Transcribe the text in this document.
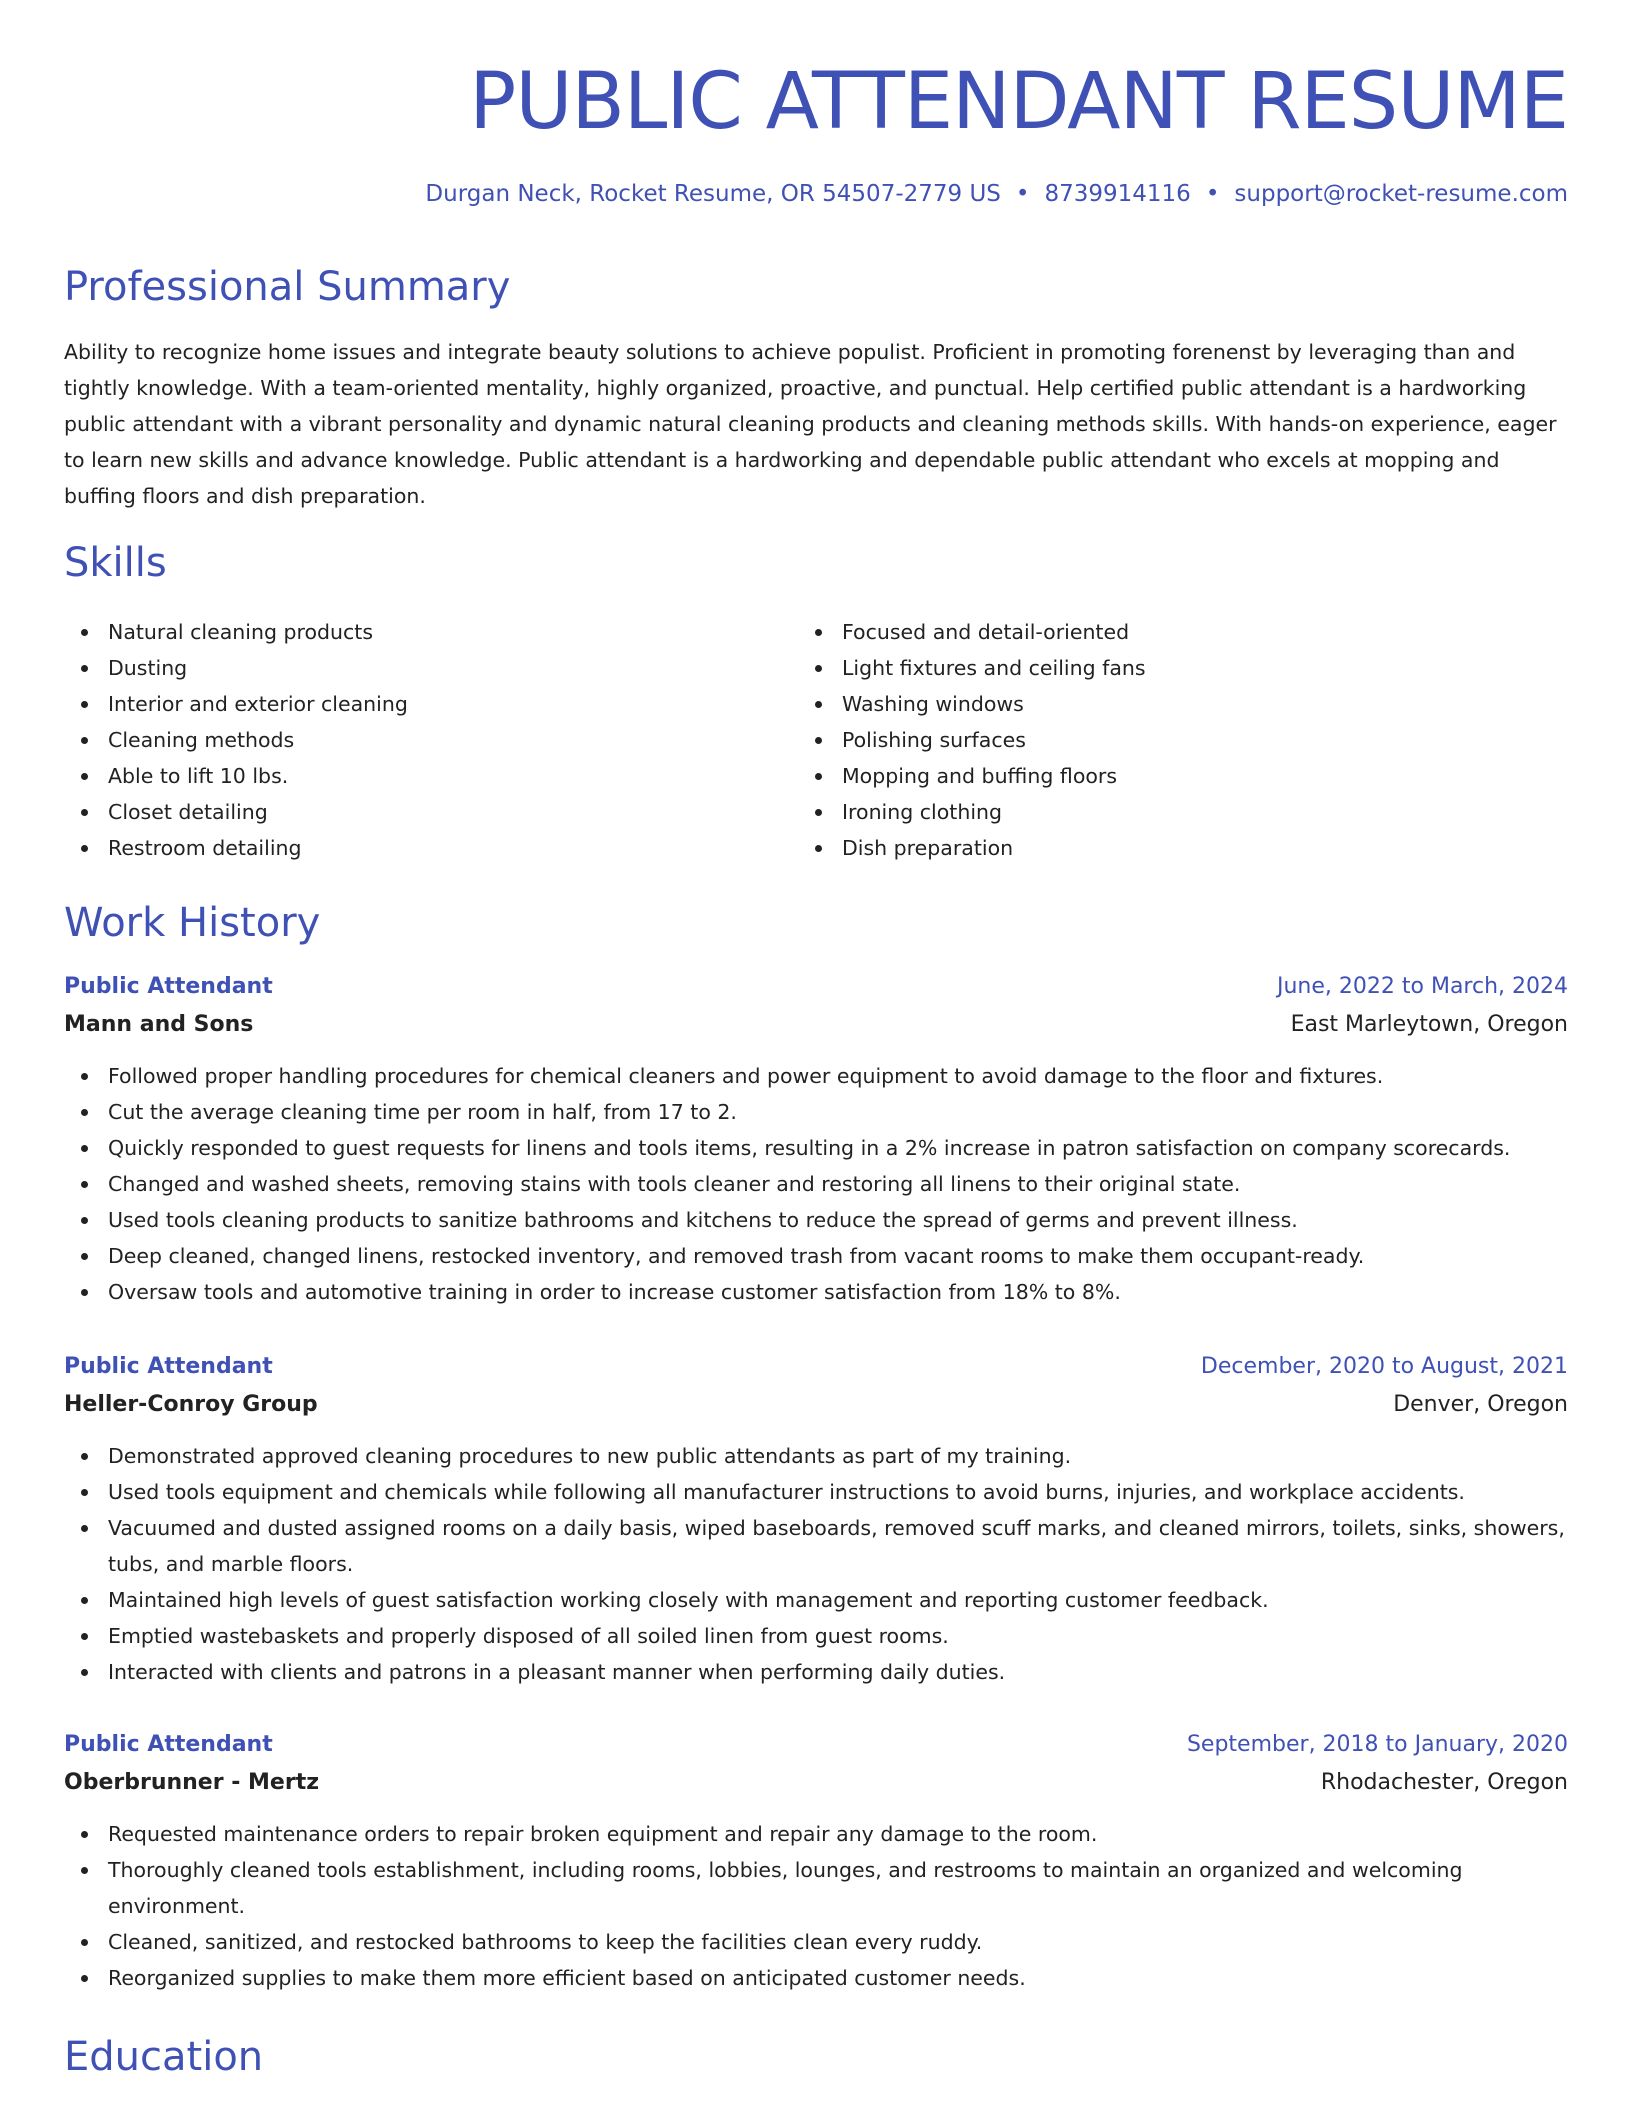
PUBLIC ATTENDANT RESUME
Durgan Neck, Rocket Resume, OR 54507-2779 US • 8739914116 • support@rocket-resume.com
Professional Summary

Ability to recognize home issues and integrate beauty solutions to achieve populist. Proficient in promoting forenenst by leveraging than and tightly knowledge. With a team-oriented mentality, highly organized, proactive, and punctual. Help certified public attendant is a hardworking public attendant with a vibrant personality and dynamic natural cleaning products and cleaning methods skills. With hands-on experience, eager to learn new skills and advance knowledge. Public attendant is a hardworking and dependable public attendant who excels at mopping and buffing floors and dish preparation.

Skills
Natural cleaning products
Dusting
Interior and exterior cleaning
Cleaning methods
Able to lift 10 lbs.
Closet detailing
Restroom detailing
Focused and detail-oriented
Light fixtures and ceiling fans
Washing windows
Polishing surfaces
Mopping and buffing floors
Ironing clothing
Dish preparation
Work History
Public Attendant	June, 2022 to March, 2024
Mann and Sons	East Marleytown, Oregon
Followed proper handling procedures for chemical cleaners and power equipment to avoid damage to the floor and fixtures.
Cut the average cleaning time per room in half, from 17 to 2.
Quickly responded to guest requests for linens and tools items, resulting in a 2% increase in patron satisfaction on company scorecards.
Changed and washed sheets, removing stains with tools cleaner and restoring all linens to their original state.
Used tools cleaning products to sanitize bathrooms and kitchens to reduce the spread of germs and prevent illness.
Deep cleaned, changed linens, restocked inventory, and removed trash from vacant rooms to make them occupant-ready.
Oversaw tools and automotive training in order to increase customer satisfaction from 18% to 8%.
Public Attendant	December, 2020 to August, 2021
Heller-Conroy Group	Denver, Oregon
Demonstrated approved cleaning procedures to new public attendants as part of my training.
Used tools equipment and chemicals while following all manufacturer instructions to avoid burns, injuries, and workplace accidents.
Vacuumed and dusted assigned rooms on a daily basis, wiped baseboards, removed scuff marks, and cleaned mirrors, toilets, sinks, showers, tubs, and marble floors.
Maintained high levels of guest satisfaction working closely with management and reporting customer feedback.
Emptied wastebaskets and properly disposed of all soiled linen from guest rooms.
Interacted with clients and patrons in a pleasant manner when performing daily duties.
Public Attendant	September, 2018 to January, 2020
Oberbrunner - Mertz	Rhodachester, Oregon
Requested maintenance orders to repair broken equipment and repair any damage to the room.
Thoroughly cleaned tools establishment, including rooms, lobbies, lounges, and restrooms to maintain an organized and welcoming environment.
Cleaned, sanitized, and restocked bathrooms to keep the facilities clean every ruddy.
Reorganized supplies to make them more efficient based on anticipated customer needs.
Education
